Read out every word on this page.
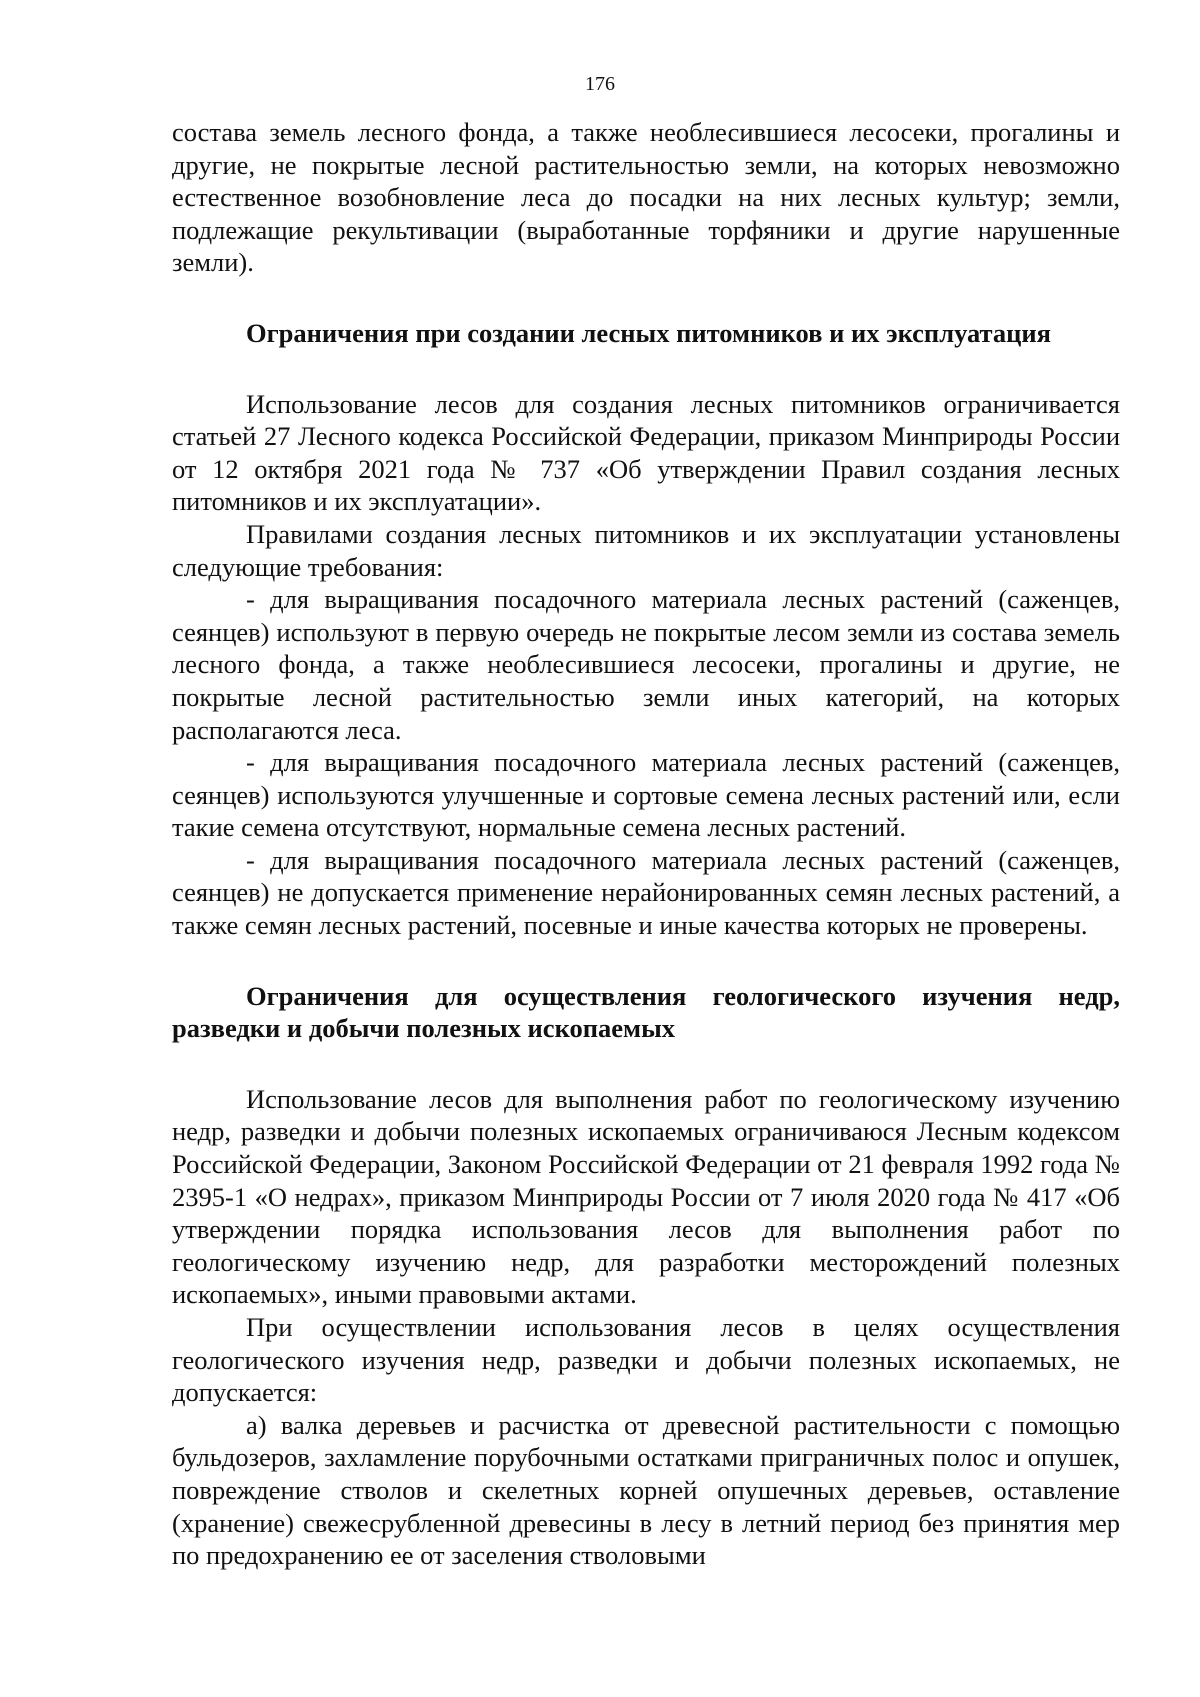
176

состава земель лесного фонда, а также необлесившиеся лесосеки, прогалины и другие, не покрытые лесной растительностью земли, на которых невозможно естественное возобновление леса до посадки на них лесных культур; земли, подлежащие рекультивации (выработанные торфяники и другие нарушенные земли).

Ограничения при создании лесных питомников и их эксплуатация

Использование лесов для создания лесных питомников ограничивается статьей 27 Лесного кодекса Российской Федерации, приказом Минприроды России от 12 октября 2021 года № 737 «Об утверждении Правил создания лесных питомников и их эксплуатации».

Правилами создания лесных питомников и их эксплуатации установлены следующие требования:

- для выращивания посадочного материала лесных растений (саженцев, сеянцев) используют в первую очередь не покрытые лесом земли из состава земель лесного фонда, а также необлесившиеся лесосеки, прогалины и другие, не покрытые лесной растительностью земли иных категорий, на которых располагаются леса.

- для выращивания посадочного материала лесных растений (саженцев, сеянцев) используются улучшенные и сортовые семена лесных растений или, если такие семена отсутствуют, нормальные семена лесных растений.

- для выращивания посадочного материала лесных растений (саженцев, сеянцев) не допускается применение нерайонированных семян лесных растений, а также семян лесных растений, посевные и иные качества которых не проверены.

Ограничения для осуществления геологического изучения недр, разведки и добычи полезных ископаемых

Использование лесов для выполнения работ по геологическому изучению недр, разведки и добычи полезных ископаемых ограничиваюся Лесным кодексом Российской Федерации, Законом Российской Федерации от 21 февраля 1992 года № 2395-1 «О недрах», приказом Минприроды России от 7 июля 2020 года № 417 «Об утверждении порядка использования лесов для выполнения работ по геологическому изучению недр, для разработки месторождений полезных ископаемых», иными правовыми актами.

При осуществлении использования лесов в целях осуществления геологического изучения недр, разведки и добычи полезных ископаемых, не допускается:

а) валка деревьев и расчистка от древесной растительности с помощью бульдозеров, захламление порубочными остатками приграничных полос и опушек, повреждение стволов и скелетных корней опушечных деревьев, оставление (хранение) свежесрубленной древесины в лесу в летний период без принятия мер по предохранению ее от заселения стволовыми
